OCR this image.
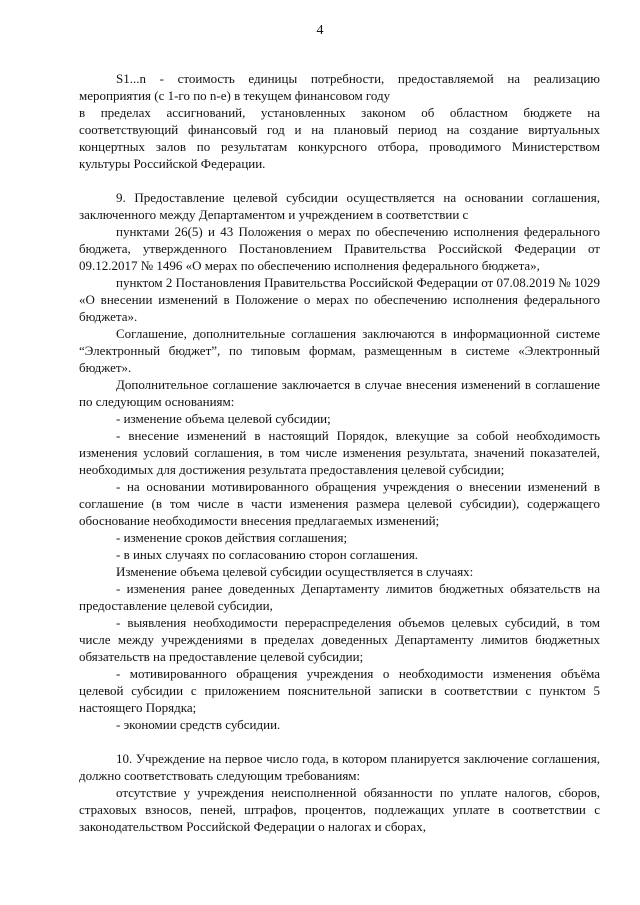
4

S1...n - стоимость единицы потребности, предоставляемой на реализацию мероприятия (с 1-го по n-е) в текущем финансовом году

в пределах ассигнований, установленных законом об областном бюджете на соответствующий финансовый год и на плановый период на создание виртуальных концертных залов по результатам конкурсного отбора, проводимого Министерством культуры Российской Федерации.

9. Предоставление целевой субсидии осуществляется на основании соглашения, заключенного между Департаментом и учреждением в соответствии с

пунктами 26(5) и 43 Положения о мерах по обеспечению исполнения федерального бюджета, утвержденного Постановлением Правительства Российской Федерации от 09.12.2017 № 1496 «О мерах по обеспечению исполнения федерального бюджета»,

пунктом 2 Постановления Правительства Российской Федерации от 07.08.2019 № 1029 «О внесении изменений в Положение о мерах по обеспечению исполнения федерального бюджета».

Соглашение, дополнительные соглашения заключаются в информационной системе “Электронный бюджет”, по типовым формам, размещенным в системе «Электронный бюджет».

Дополнительное соглашение заключается в случае внесения изменений в соглашение по следующим основаниям:

- изменение объема целевой субсидии;

- внесение изменений в настоящий Порядок, влекущие за собой необходимость изменения условий соглашения, в том числе изменения результата, значений показателей, необходимых для достижения результата предоставления целевой субсидии;

- на основании мотивированного обращения учреждения о внесении изменений в соглашение (в том числе в части изменения размера целевой субсидии), содержащего обоснование необходимости внесения предлагаемых изменений;

- изменение сроков действия соглашения;

- в иных случаях по согласованию сторон соглашения.

Изменение объема целевой субсидии осуществляется в случаях:

- изменения ранее доведенных Департаменту лимитов бюджетных обязательств на предоставление целевой субсидии,

- выявления необходимости перераспределения объемов целевых субсидий, в том числе между учреждениями в пределах доведенных Департаменту лимитов бюджетных обязательств на предоставление целевой субсидии;

- мотивированного обращения учреждения о необходимости изменения объёма целевой субсидии с приложением пояснительной записки в соответствии с пунктом 5 настоящего Порядка;

- экономии средств субсидии.

10. Учреждение на первое число года, в котором планируется заключение соглашения, должно соответствовать следующим требованиям:

отсутствие у учреждения неисполненной обязанности по уплате налогов, сборов, страховых взносов, пеней, штрафов, процентов, подлежащих уплате в соответствии с законодательством Российской Федерации о налогах и сборах,
